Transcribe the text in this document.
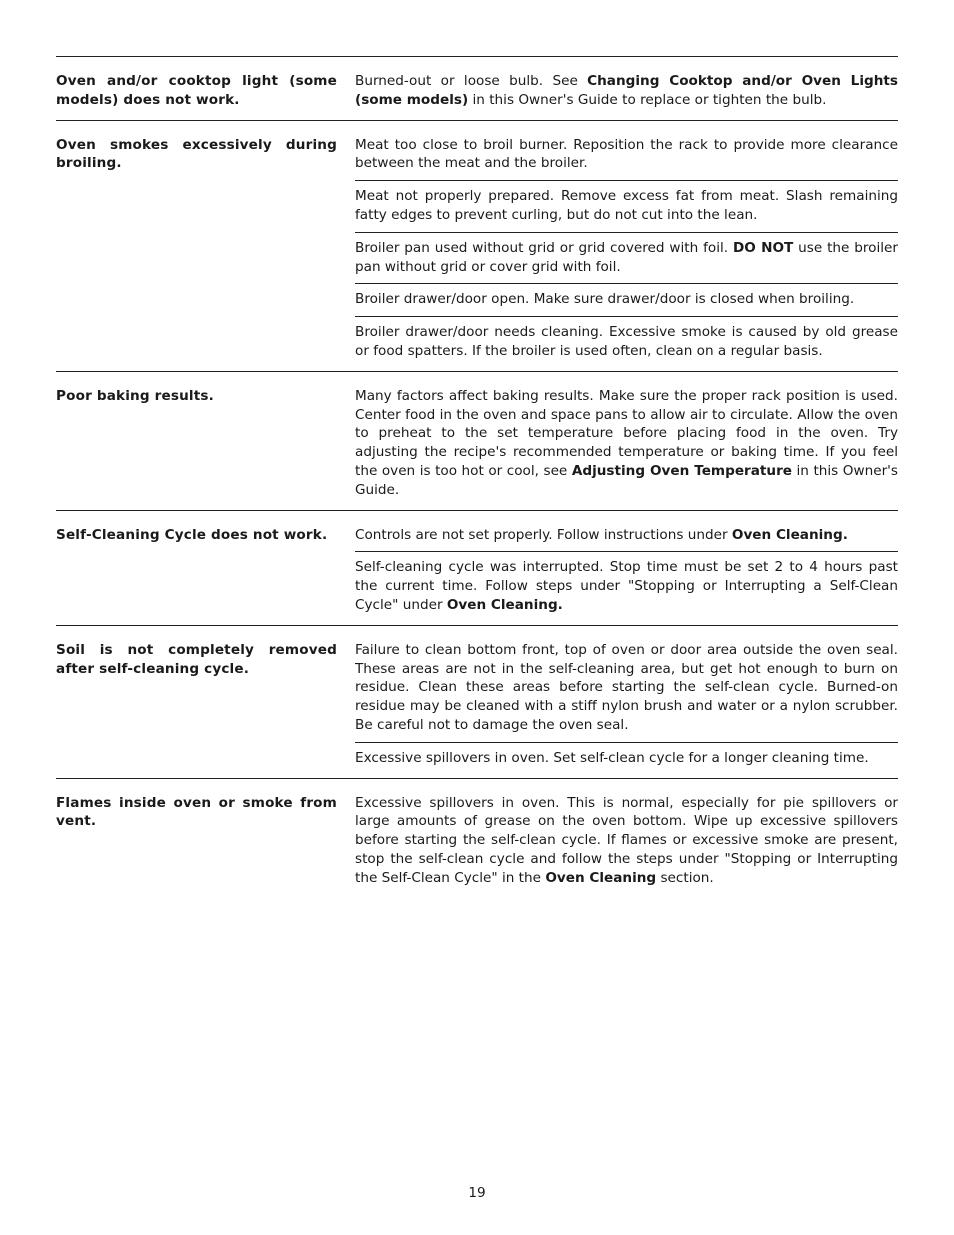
Oven and/or cooktop light (some models) does not work.
Burned-out or loose bulb. See Changing Cooktop and/or Oven Lights (some models) in this Owner's Guide to replace or tighten the bulb.
Oven smokes excessively during broiling.
Meat too close to broil burner. Reposition the rack to provide more clearance between the meat and the broiler.
Meat not properly prepared. Remove excess fat from meat. Slash remaining fatty edges to prevent curling, but do not cut into the lean.
Broiler pan used without grid or grid covered with foil. DO NOT use the broiler pan without grid or cover grid with foil.
Broiler drawer/door open. Make sure drawer/door is closed when broiling.
Broiler drawer/door needs cleaning. Excessive smoke is caused by old grease or food spatters. If the broiler is used often, clean on a regular basis.
Poor baking results.	Many factors affect baking results. Make sure the proper rack position is used. Center food in the oven and space pans to allow air to circulate. Allow the oven to preheat to the set temperature before placing food in the oven. Try adjusting the recipe's recommended temperature or baking time. If you feel the oven is too hot or cool, see Adjusting Oven Temperature in this Owner's Guide.
Self-Cleaning Cycle does not work.	Controls are not set properly. Follow instructions under Oven Cleaning.
Self-cleaning cycle was interrupted. Stop time must be set 2 to 4 hours past the current time. Follow steps under "Stopping or Interrupting a Self-Clean Cycle" under Oven Cleaning.
Soil is not completely removed after self-cleaning cycle.
Failure to clean bottom front, top of oven or door area outside the oven seal. These areas are not in the self-cleaning area, but get hot enough to burn on residue. Clean these areas before starting the self-clean cycle. Burned-on residue may be cleaned with a stiff nylon brush and water or a nylon scrubber. Be careful not to damage the oven seal.
Excessive spillovers in oven. Set self-clean cycle for a longer cleaning time.
Flames inside oven or smoke from vent.
Excessive spillovers in oven. This is normal, especially for pie spillovers or large amounts of grease on the oven bottom. Wipe up excessive spillovers before starting the self-clean cycle. If flames or excessive smoke are present, stop the self-clean cycle and follow the steps under "Stopping or Interrupting the Self-Clean Cycle" in the Oven Cleaning section.
19
